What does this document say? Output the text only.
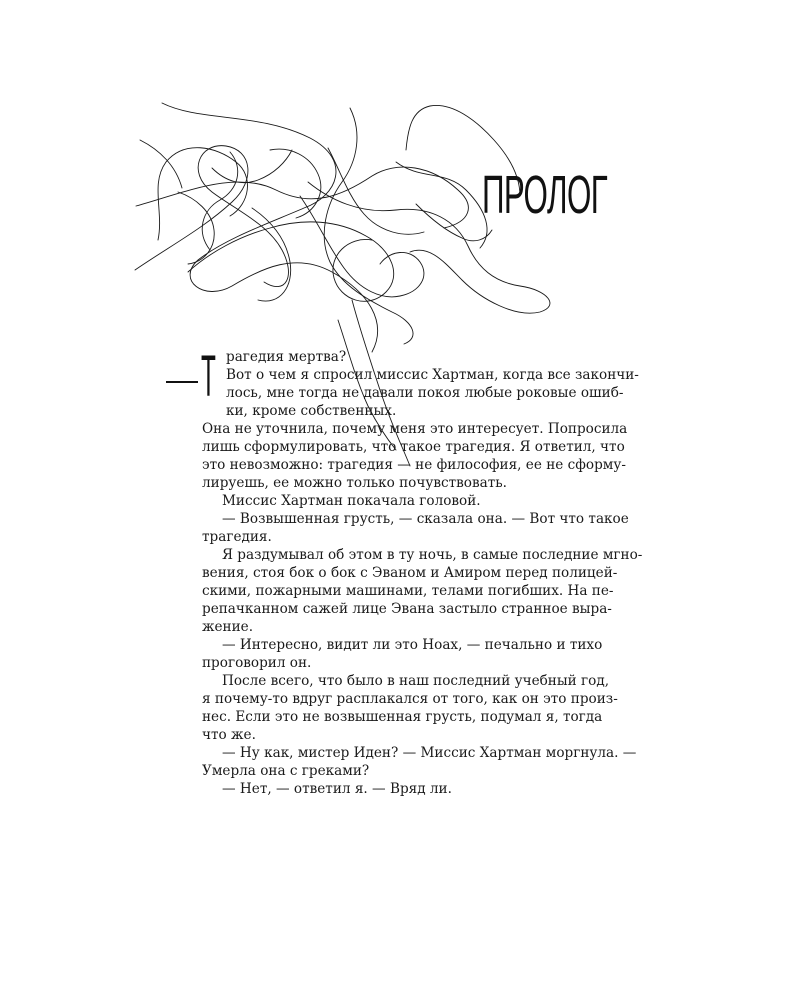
ПРОЛОГ
Т рагедия мертва?

Вот о чем я спросил миссис Хартман, когда все закончи-

лось, мне тогда не давали покоя любые роковые ошиб-

ки, кроме собственных.

Она не уточнила, почему меня это интересует. Попросила

лишь сформулировать, что такое трагедия. Я ответил, что

это невозможно: трагедия — не философия, ее не сформу-

лируешь, ее можно только почувствовать.

Миссис Хартман покачала головой.

— Возвышенная грусть, — сказала она. — Вот что такое

трагедия.

Я раздумывал об этом в ту ночь, в самые последние мгно-

вения, стоя бок о бок с Эваном и Амиром перед полицей-

скими, пожарными машинами, телами погибших. На пе-

репачканном сажей лице Эвана застыло странное выра-

жение.

— Интересно, видит ли это Ноах, — печально и тихо

проговорил он.

После всего, что было в наш последний учебный год,

я почему-то вдруг расплакался от того, как он это произ-

нес. Если это не возвышенная грусть, подумал я, тогда

что же.

— Ну как, мистер Иден? — Миссис Хартман моргнула. —

Умерла она с греками?

— Нет, — ответил я. — Вряд ли.
